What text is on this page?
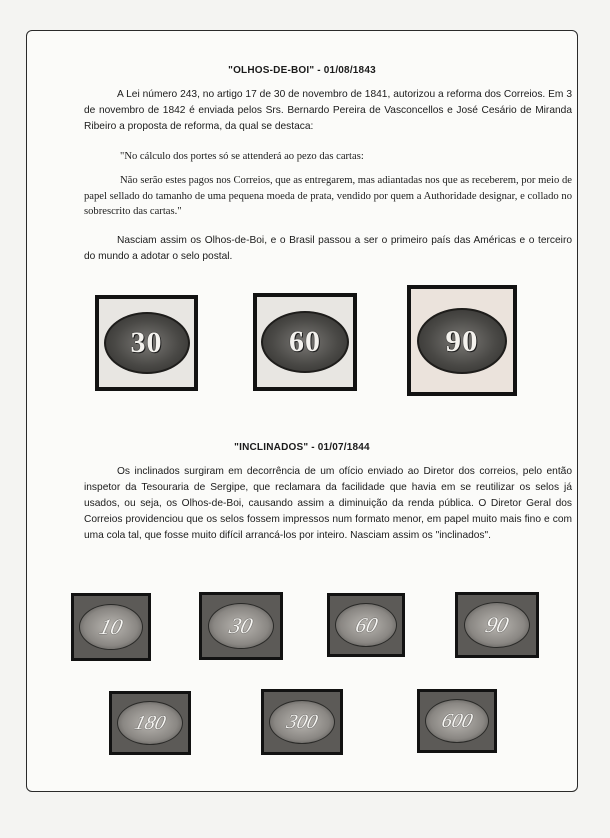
"OLHOS-DE-BOI" - 01/08/1843

A Lei número 243, no artigo 17 de 30 de novembro de 1841, autorizou a reforma dos Correios. Em 3 de novembro de 1842 é enviada pelos Srs. Bernardo Pereira de Vasconcellos e José Cesário de Miranda Ribeiro a proposta de reforma, da qual se destaca:

"No cálculo dos portes só se attenderá ao pezo das cartas:

Não serão estes pagos nos Correios, que as entregarem, mas adiantadas nos que as receberem, por meio de papel sellado do tamanho de uma pequena moeda de prata, vendido por quem a Authoridade designar, e collado no sobrescrito das cartas."

Nasciam assim os Olhos-de-Boi, e o Brasil passou a ser o primeiro país das Américas e o terceiro do mundo a adotar o selo postal.

30	60	90
"INCLINADOS" - 01/07/1844

Os inclinados surgiram em decorrência de um ofício enviado ao Diretor dos correios, pelo então inspetor da Tesouraria de Sergipe, que reclamara da facilidade que havia em se reutilizar os selos já usados, ou seja, os Olhos-de-Boi, causando assim a diminuição da renda pública. O Diretor Geral dos Correios providenciou que os selos fossem impressos num formato menor, em papel muito mais fino e com uma cola tal, que fosse muito difícil arrancá-los por inteiro. Nasciam assim os "inclinados".

10	30	60	90
180	300	600
